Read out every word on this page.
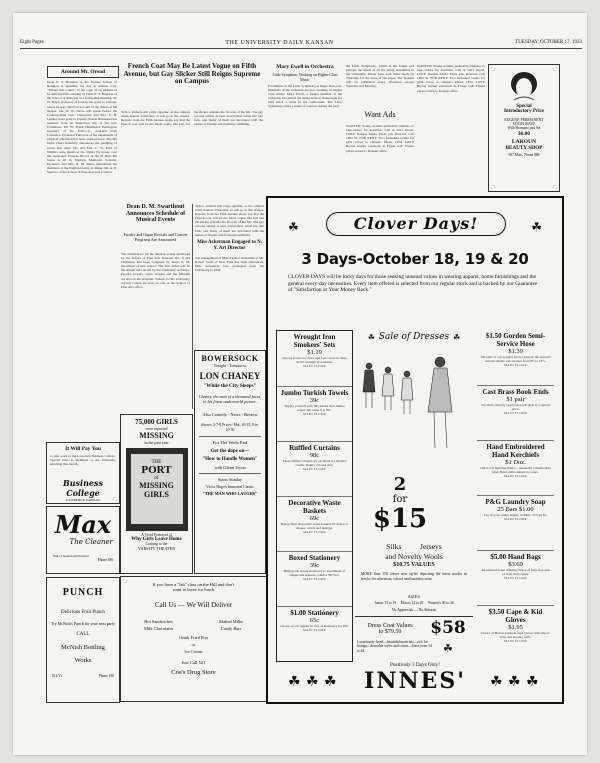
Eight Pages	THE UNIVERSITY DAILY KANSAN	TUESDAY, OCTOBER 17, 1933
Around Mt. Oread
Dean E. S. Brandon of the Kansas School of Religion is spending the day in Kansas City. "Things that Count," is the topic of an address to be delivered this evening by Dean E. S. Brandon of the School of Religion at a fellowship meeting. W. W. Boyd, professor of botany, has gone to Chicago where he was called on account of the illness of his mother. Mr. W. W. Davis will speak before the Cosmopolitan club. Chancellor and Mrs. E. H. Lindley have gone to Topeka. Ernest Hemstead has returned from an inspection trip of the new Commons. Mr. W. Frank Hammond, Barrington secretary of the Y.M.C.A., returned from Lawrence. Professor Fullerton of the department of physical education has been granted leave. The Phi Delta Theta fraternity announces the pledging of seven new men. Mr. and Mrs. C. W. Ford of Wichita were guests at the Sigma Nu house over the week-end. Frances Brown of the Pi Beta Phi house is ill in Watkins Memorial hospital. Professor and Mrs. R. M. Davis entertained the members of the English faculty at dinner. Mr. A. R. Spencer of the School of Fine Arts was a visitor.
It Will Pay You
to take work in the Lawrence Business College. Special rates to members of the University enrolling this month.
Business College
LAWRENCE, KANSAS
Max
The Cleaner
Suits Cleaned and Pressed
Phone 490
PUNCH
Delicious Fruit Punch
Try McNish's Punch for your next party
CALL
McNish Bottling
Works
814 Vt.	Phone 198
French Coat May Be Latest Vogue on Fifth Avenue, but Gay Slicker Still Reigns Supreme on Campus
Yellow slickers still reign supreme on the campus when Kansas University co-eds go to the classes. Reports from the Fifth Avenue shops say that the French coat will be the latest vogue this fall, but the slicker remains the favorite of the hill. The gay colored slicker is seen everywhere when the rain falls, and many of them are decorated with the names of friends and fraternity emblems.
Dean D. M. Swarthout Announces Schedule of Musical Events
Faculty and Organ Recitals and Concert Programs Are Announced
The schedule for all the musical events sponsored by the School of Fine Arts between Oct. 8 and Christmas has been compiled by Dean D. M. Swarthout of that school. The first event will be the annual fall concert by the University orchestra. Faculty recitals, organ vespers and the Messiah are also on the program. Tickets for the University concert course are now on sale at the School of Fine Arts office.
Yellow slickers still reign supreme on the campus when Kansas University co-eds go to the classes. Reports from the Fifth Avenue shops say that the French coat will be the latest vogue this fall, but the slicker remains the favorite of the hill. The gay colored slicker is seen everywhere when the rain falls, and many of them are decorated with the names of friends and fraternity emblems.
Miss Ackerman Engaged to N. Y. Art Director
The engagement of Miss Eleanor Ackerman to Mr. Robert Swift of New York has been announced. Miss Ackerman was graduated from the University in 1930.
75,000 GIRLS
were reported
MISSING
in the past year
THE
PORT
of
MISSING
GIRLS
A Vivid Portrayal of
Why Girls Leave Home
Coming to the
VARSITY THEATER
BOWERSOCK
Tonight - Tomorrow
LON CHANEY
"While the City Sleeps"
Chaney, the man of a thousand faces, in his finest underworld picture.
Also Comedy - News - Review
Shows: 2-7-9 Prices: Mat. 10-35, Eve. 10-50
For The Week End
Get the dope on—
"How to Handle Women"
with Glenn Tryon
Starts Sunday
Victor Hugo's Immortal Classic
"THE MAN WHO LAUGHS"
If you have a "lab" class on the Hill and don't
want to leave for lunch
Call Us — We Will Deliver
Hot Sandwiches
Milk Chocolates
Malted Milks
Candy Bars
Ozark Fried Pies
or
Ice Cream
Just Call 521
Coe's Drug Store
Mary Ewell in Orchestra
Little Symphony Working on Higher Class Music
Enrollment in the Little Symphony is larger than ever. Members of the orchestra are now working on higher class music. Mary Ewell, a former member of the orchestra, has joined the string section. Rehearsals are held twice a week in the auditorium. The Little Symphony plans a series of concerts during the year.
the Little Symphony, which is the fourth and perhaps the finest of all the string ensembles in the University. Please have your items ready by Thursday for the issue of the paper. The Kansan will be published every afternoon except Saturday and Monday.
Want Ads
WANTED: Young women, preferably students, to take orders for novelties. Call at 1221 Oread. LOST: Kansas Alpha Theta pin. Reward. Call 1802 W. FOR RENT: Two furnished rooms for girls. Close to campus. Phone 1254. LOST: Brown leather notebook in Fraser hall. Finder please return to Kansan office.
WANTED: Young women, preferably students, to take orders for novelties. Call at 1221 Oread. LOST: Kansas Alpha Theta pin. Reward. Call 1802 W. FOR RENT: Two furnished rooms for girls. Close to campus. Phone 1254. LOST: Brown leather notebook in Fraser hall. Finder please return to Kansan office.
Special
Introductory Price
EUGENE PERMANENT
EDITH WAVE
With Shampoo and Set
$6.00
LAROUN
BEAUTY SHOP
907 Mass. Phone 888
☘	☘
Clover Days!
3 Days-October 18, 19 & 20
CLOVER DAYS will be lucky days for those seeking unusual values in wearing apparel, home furnishings and the general every-day necessities. Every item offered is selected from our regular stock and is backed by our Guarantee of "Satisfaction or Your Money Back."
Wrought Iron Smokers' Sets
$1.19
Choose from two styles and four colors in these $2.95 wrought iron stands.
MAIN FLOOR
Jumbo Turkish Towels
39c
Supply yourself with this 22x44 inch Jumbo towel. We value it at 59c.
MAIN FLOOR
Ruffled Curtains
98c
These ruffled curtains are excellent for modern rooms. Dainty colored dots.
MAIN FLOOR
Decorative Waste Baskets
69c
Heavy fibre decorative waste baskets in choice of shapes, colors and designs.
MAIN FLOOR
Boxed Stationery
39c
High grade boxed stationery in assortment of shapes and textures. Choice 59c box.
MAIN FLOOR
$1.00 Stationery
65c
Choice of our regular $1 box of stationery for 65c.
MAIN FLOOR
☘ Sale of Dresses ☘
2
for
$15
Silks          Jerseys
and Novelty Wools
$10.75 VALUES
MORE than 150 clever new styles depicting the latest modes in frocks for afternoon, school and business wear.
SIZES
Junior 13 to 19     Misses 14 to 20     Women's 36 to 46
No Approvals — No Returns
Dress Coat Values
to $79.50	$58
Luxuriously fused—beautiful materials—rich fur linings—desirable styles and colors—Sizes from 14 to 44.	☘
Positively 3 Days Only!
$1.50 Gorden Semi-Service Hose
$1.39
190 pairs of our popular service hose in the season's newest shades and all sizes from 8½ to 10½.
MAIN FLOOR
Cast Brass Book Ends
$1 pair
Try these cleverly cast brass book ends at a special price.
MAIN FLOOR
Hand Embroidered Hand Kerchiefs
$1 Doz.
Our novel hand kerchiefs— unusually a memorable kind. Hand embroidered in colors.
MAIN FLOOR
P&G Laundry Soap
25 Bars $1.00
Lay in your winter supply of P&G, 25 bars $1.
MAIN FLOOR
$5.00 Hand Bags
$3.69
An unusual value offering choice of bags in pouch or back strap styles.
MAIN FLOOR
$3.50 Cape & Kid Gloves
$1.95
Choice of Batros-Chateau cape gloves with slip-on wrist and novelty cuffs.
MAIN FLOOR
☘ ☘ ☘ INNES'	☘ ☘ ☘
